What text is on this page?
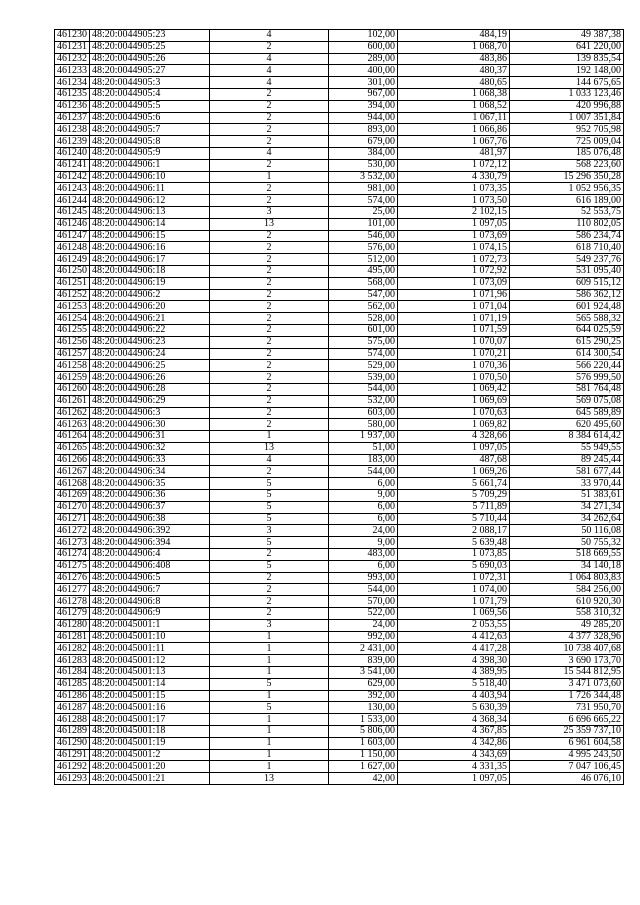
461230	48:20:0044905:23	4	102,00	484,19	49 387,38
461231	48:20:0044905:25	2	600,00	1 068,70	641 220,00
461232	48:20:0044905:26	4	289,00	483,86	139 835,54
461233	48:20:0044905:27	4	400,00	480,37	192 148,00
461234	48:20:0044905:3	4	301,00	480,65	144 675,65
461235	48:20:0044905:4	2	967,00	1 068,38	1 033 123,46
461236	48:20:0044905:5	2	394,00	1 068,52	420 996,88
461237	48:20:0044905:6	2	944,00	1 067,11	1 007 351,84
461238	48:20:0044905:7	2	893,00	1 066,86	952 705,98
461239	48:20:0044905:8	2	679,00	1 067,76	725 009,04
461240	48:20:0044905:9	4	384,00	481,97	185 076,48
461241	48:20:0044906:1	2	530,00	1 072,12	568 223,60
461242	48:20:0044906:10	1	3 532,00	4 330,79	15 296 350,28
461243	48:20:0044906:11	2	981,00	1 073,35	1 052 956,35
461244	48:20:0044906:12	2	574,00	1 073,50	616 189,00
461245	48:20:0044906:13	3	25,00	2 102,15	52 553,75
461246	48:20:0044906:14	13	101,00	1 097,05	110 802,05
461247	48:20:0044906:15	2	546,00	1 073,69	586 234,74
461248	48:20:0044906:16	2	576,00	1 074,15	618 710,40
461249	48:20:0044906:17	2	512,00	1 072,73	549 237,76
461250	48:20:0044906:18	2	495,00	1 072,92	531 095,40
461251	48:20:0044906:19	2	568,00	1 073,09	609 515,12
461252	48:20:0044906:2	2	547,00	1 071,96	586 362,12
461253	48:20:0044906:20	2	562,00	1 071,04	601 924,48
461254	48:20:0044906:21	2	528,00	1 071,19	565 588,32
461255	48:20:0044906:22	2	601,00	1 071,59	644 025,59
461256	48:20:0044906:23	2	575,00	1 070,07	615 290,25
461257	48:20:0044906:24	2	574,00	1 070,21	614 300,54
461258	48:20:0044906:25	2	529,00	1 070,36	566 220,44
461259	48:20:0044906:26	2	539,00	1 070,50	576 999,50
461260	48:20:0044906:28	2	544,00	1 069,42	581 764,48
461261	48:20:0044906:29	2	532,00	1 069,69	569 075,08
461262	48:20:0044906:3	2	603,00	1 070,63	645 589,89
461263	48:20:0044906:30	2	580,00	1 069,82	620 495,60
461264	48:20:0044906:31	1	1 937,00	4 328,66	8 384 614,42
461265	48:20:0044906:32	13	51,00	1 097,05	55 949,55
461266	48:20:0044906:33	4	183,00	487,68	89 245,44
461267	48:20:0044906:34	2	544,00	1 069,26	581 677,44
461268	48:20:0044906:35	5	6,00	5 661,74	33 970,44
461269	48:20:0044906:36	5	9,00	5 709,29	51 383,61
461270	48:20:0044906:37	5	6,00	5 711,89	34 271,34
461271	48:20:0044906:38	5	6,00	5 710,44	34 262,64
461272	48:20:0044906:392	3	24,00	2 088,17	50 116,08
461273	48:20:0044906:394	5	9,00	5 639,48	50 755,32
461274	48:20:0044906:4	2	483,00	1 073,85	518 669,55
461275	48:20:0044906:408	5	6,00	5 690,03	34 140,18
461276	48:20:0044906:5	2	993,00	1 072,31	1 064 803,83
461277	48:20:0044906:7	2	544,00	1 074,00	584 256,00
461278	48:20:0044906:8	2	570,00	1 071,79	610 920,30
461279	48:20:0044906:9	2	522,00	1 069,56	558 310,32
461280	48:20:0045001:1	3	24,00	2 053,55	49 285,20
461281	48:20:0045001:10	1	992,00	4 412,63	4 377 328,96
461282	48:20:0045001:11	1	2 431,00	4 417,28	10 738 407,68
461283	48:20:0045001:12	1	839,00	4 398,30	3 690 173,70
461284	48:20:0045001:13	1	3 541,00	4 389,95	15 544 812,95
461285	48:20:0045001:14	5	629,00	5 518,40	3 471 073,60
461286	48:20:0045001:15	1	392,00	4 403,94	1 726 344,48
461287	48:20:0045001:16	5	130,00	5 630,39	731 950,70
461288	48:20:0045001:17	1	1 533,00	4 368,34	6 696 665,22
461289	48:20:0045001:18	1	5 806,00	4 367,85	25 359 737,10
461290	48:20:0045001:19	1	1 603,00	4 342,86	6 961 604,58
461291	48:20:0045001:2	1	1 150,00	4 343,69	4 995 243,50
461292	48:20:0045001:20	1	1 627,00	4 331,35	7 047 106,45
461293	48:20:0045001:21	13	42,00	1 097,05	46 076,10
